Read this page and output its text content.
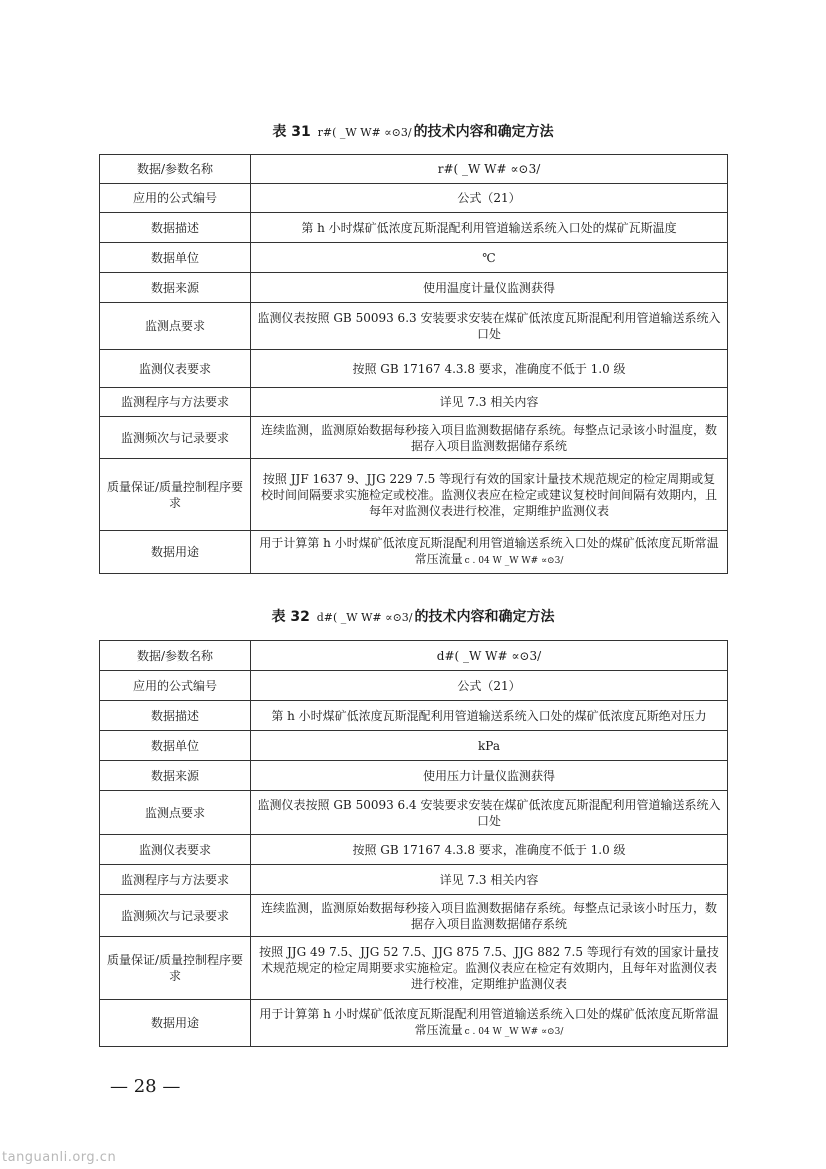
表 31 r#( _W W# ∝⊙3/ 的技术内容和确定方法
数据/参数名称	r#( _W W# ∝⊙3/
应用的公式编号	公式（21）
数据描述	第 h 小时煤矿低浓度瓦斯混配利用管道输送系统入口处的煤矿瓦斯温度
数据单位	℃
数据来源	使用温度计量仪监测获得
监测点要求	监测仪表按照 GB 50093 6.3 安装要求安装在煤矿低浓度瓦斯混配利用管道输送系统入口处
监测仪表要求	按照 GB 17167 4.3.8 要求，准确度不低于 1.0 级
监测程序与方法要求	详见 7.3 相关内容
监测频次与记录要求	连续监测，监测原始数据每秒接入项目监测数据储存系统。每整点记录该小时温度，数据存入项目监测数据储存系统
质量保证/质量控制程序要求	按照 JJF 1637 9、JJG 229 7.5 等现行有效的国家计量技术规范规定的检定周期或复校时间间隔要求实施检定或校准。监测仪表应在检定或建议复校时间间隔有效期内，且每年对监测仪表进行校准，定期维护监测仪表
数据用途	用于计算第 h 小时煤矿低浓度瓦斯混配利用管道输送系统入口处的煤矿低浓度瓦斯常温常压流量 c . 04 W _W W# ∝⊙3/
表 32 d#( _W W# ∝⊙3/ 的技术内容和确定方法
数据/参数名称	d#( _W W# ∝⊙3/
应用的公式编号	公式（21）
数据描述	第 h 小时煤矿低浓度瓦斯混配利用管道输送系统入口处的煤矿低浓度瓦斯绝对压力
数据单位	kPa
数据来源	使用压力计量仪监测获得
监测点要求	监测仪表按照 GB 50093 6.4 安装要求安装在煤矿低浓度瓦斯混配利用管道输送系统入口处
监测仪表要求	按照 GB 17167 4.3.8 要求，准确度不低于 1.0 级
监测程序与方法要求	详见 7.3 相关内容
监测频次与记录要求	连续监测，监测原始数据每秒接入项目监测数据储存系统。每整点记录该小时压力，数据存入项目监测数据储存系统
质量保证/质量控制程序要求	按照 JJG 49 7.5、JJG 52 7.5、JJG 875 7.5、JJG 882 7.5 等现行有效的国家计量技术规范规定的检定周期要求实施检定。监测仪表应在检定有效期内，且每年对监测仪表进行校准，定期维护监测仪表
数据用途	用于计算第 h 小时煤矿低浓度瓦斯混配利用管道输送系统入口处的煤矿低浓度瓦斯常温常压流量 c . 04 W _W W# ∝⊙3/
— 28 —
tanguanli.org.cn
